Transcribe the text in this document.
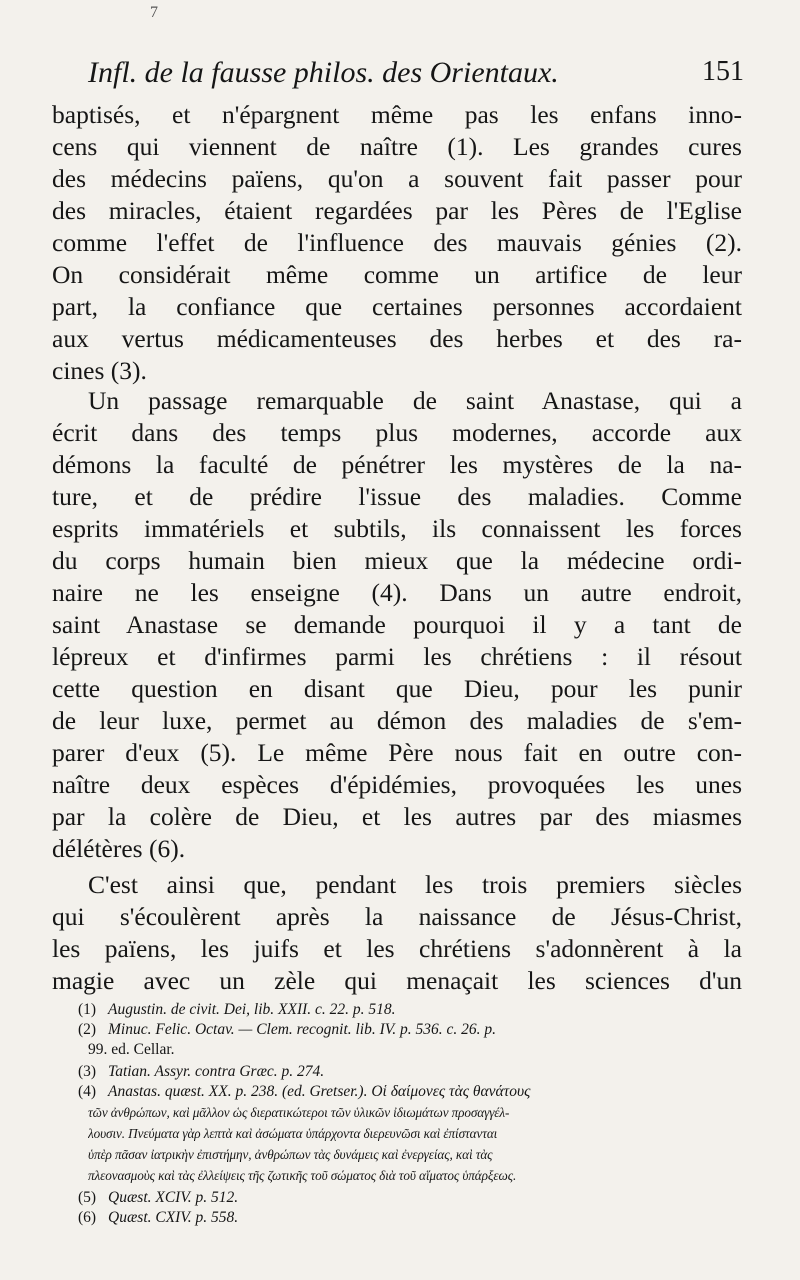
7
Infl. de la fausse philos. des Orientaux.	151
baptisés, et n'épargnent même pas les enfans inno-
cens qui viennent de naître (1). Les grandes cures
des médecins païens, qu'on a souvent fait passer pour
des miracles, étaient regardées par les Pères de l'Eglise
comme l'effet de l'influence des mauvais génies (2).
On considérait même comme un artifice de leur
part, la confiance que certaines personnes accordaient
aux vertus médicamenteuses des herbes et des ra-
cines (3).
Un passage remarquable de saint Anastase, qui a
écrit dans des temps plus modernes, accorde aux
démons la faculté de pénétrer les mystères de la na-
ture, et de prédire l'issue des maladies. Comme
esprits immatériels et subtils, ils connaissent les forces
du corps humain bien mieux que la médecine ordi-
naire ne les enseigne (4). Dans un autre endroit,
saint Anastase se demande pourquoi il y a tant de
lépreux et d'infirmes parmi les chrétiens : il résout
cette question en disant que Dieu, pour les punir
de leur luxe, permet au démon des maladies de s'em-
parer d'eux (5). Le même Père nous fait en outre con-
naître deux espèces d'épidémies, provoquées les unes
par la colère de Dieu, et les autres par des miasmes
délétères (6).
C'est ainsi que, pendant les trois premiers siècles
qui s'écoulèrent après la naissance de Jésus-Christ,
les païens, les juifs et les chrétiens s'adonnèrent à la
magie avec un zèle qui menaçait les sciences d'un
(1) Augustin. de civit. Dei, lib. XXII. c. 22. p. 518.
(2) Minuc. Felic. Octav. — Clem. recognit. lib. IV. p. 536. c. 26. p.
99. ed. Cellar.
(3) Tatian. Assyr. contra Græc. p. 274.
(4) Anastas. quæst. XX. p. 238. (ed. Gretser.). Οἱ δαίμονες τὰς θανάτους
τῶν ἀνθρώπων, καὶ μᾶλλον ὡς διερατικώτεροι τῶν ὑλικῶν ἰδιωμάτων προσαγγέλ-
λουσιν. Πνεύματα γὰρ λεπτὰ καὶ ἀσώματα ὑπάρχοντα διερευνῶσι καὶ ἐπίστανται
ὑπὲρ πᾶσαν ἰατρικὴν ἐπιστήμην, ἀνθρώπων τὰς δυνάμεις καὶ ἐνεργείας, καὶ τὰς
πλεονασμοὺς καὶ τὰς ἐλλείψεις τῆς ζωτικῆς τοῦ σώματος διὰ τοῦ αἵματος ὑπάρξεως.
(5) Quæst. XCIV. p. 512.
(6) Quæst. CXIV. p. 558.
